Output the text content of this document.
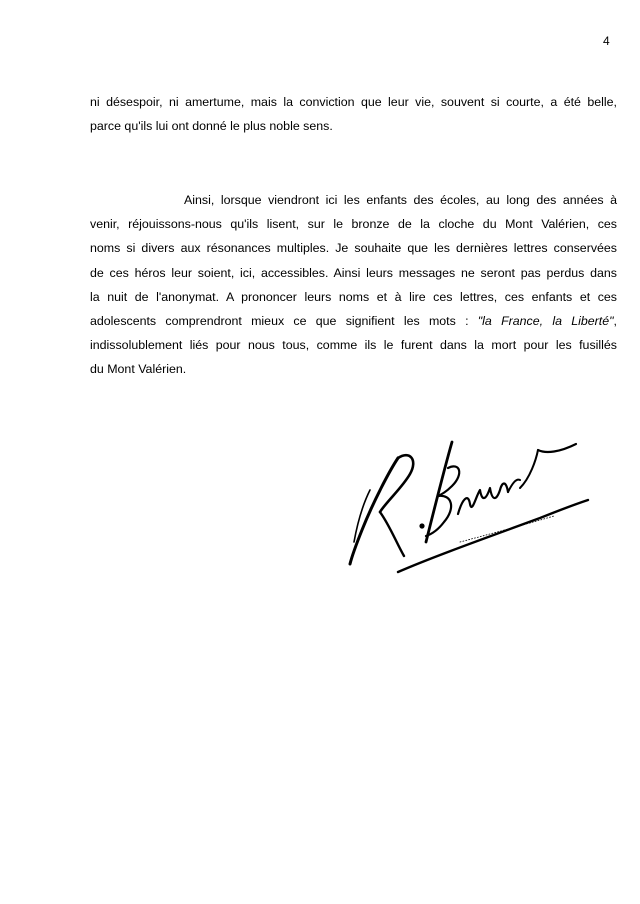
4
ni désespoir, ni amertume, mais la conviction que leur vie, souvent si courte, a été belle,
parce qu'ils lui ont donné le plus noble sens.
Ainsi, lorsque viendront ici les enfants des écoles, au long des années à
venir, réjouissons-nous qu'ils lisent, sur le bronze de la cloche du Mont Valérien, ces
noms si divers aux résonances multiples. Je souhaite que les dernières lettres conservées
de ces héros leur soient, ici, accessibles. Ainsi leurs messages ne seront pas perdus dans
la nuit de l'anonymat. A prononcer leurs noms et à lire ces lettres, ces enfants et ces
adolescents comprendront mieux ce que signifient les mots : "la France, la Liberté",
indissolublement liés pour nous tous, comme ils le furent dans la mort pour les fusillés
du Mont Valérien.
